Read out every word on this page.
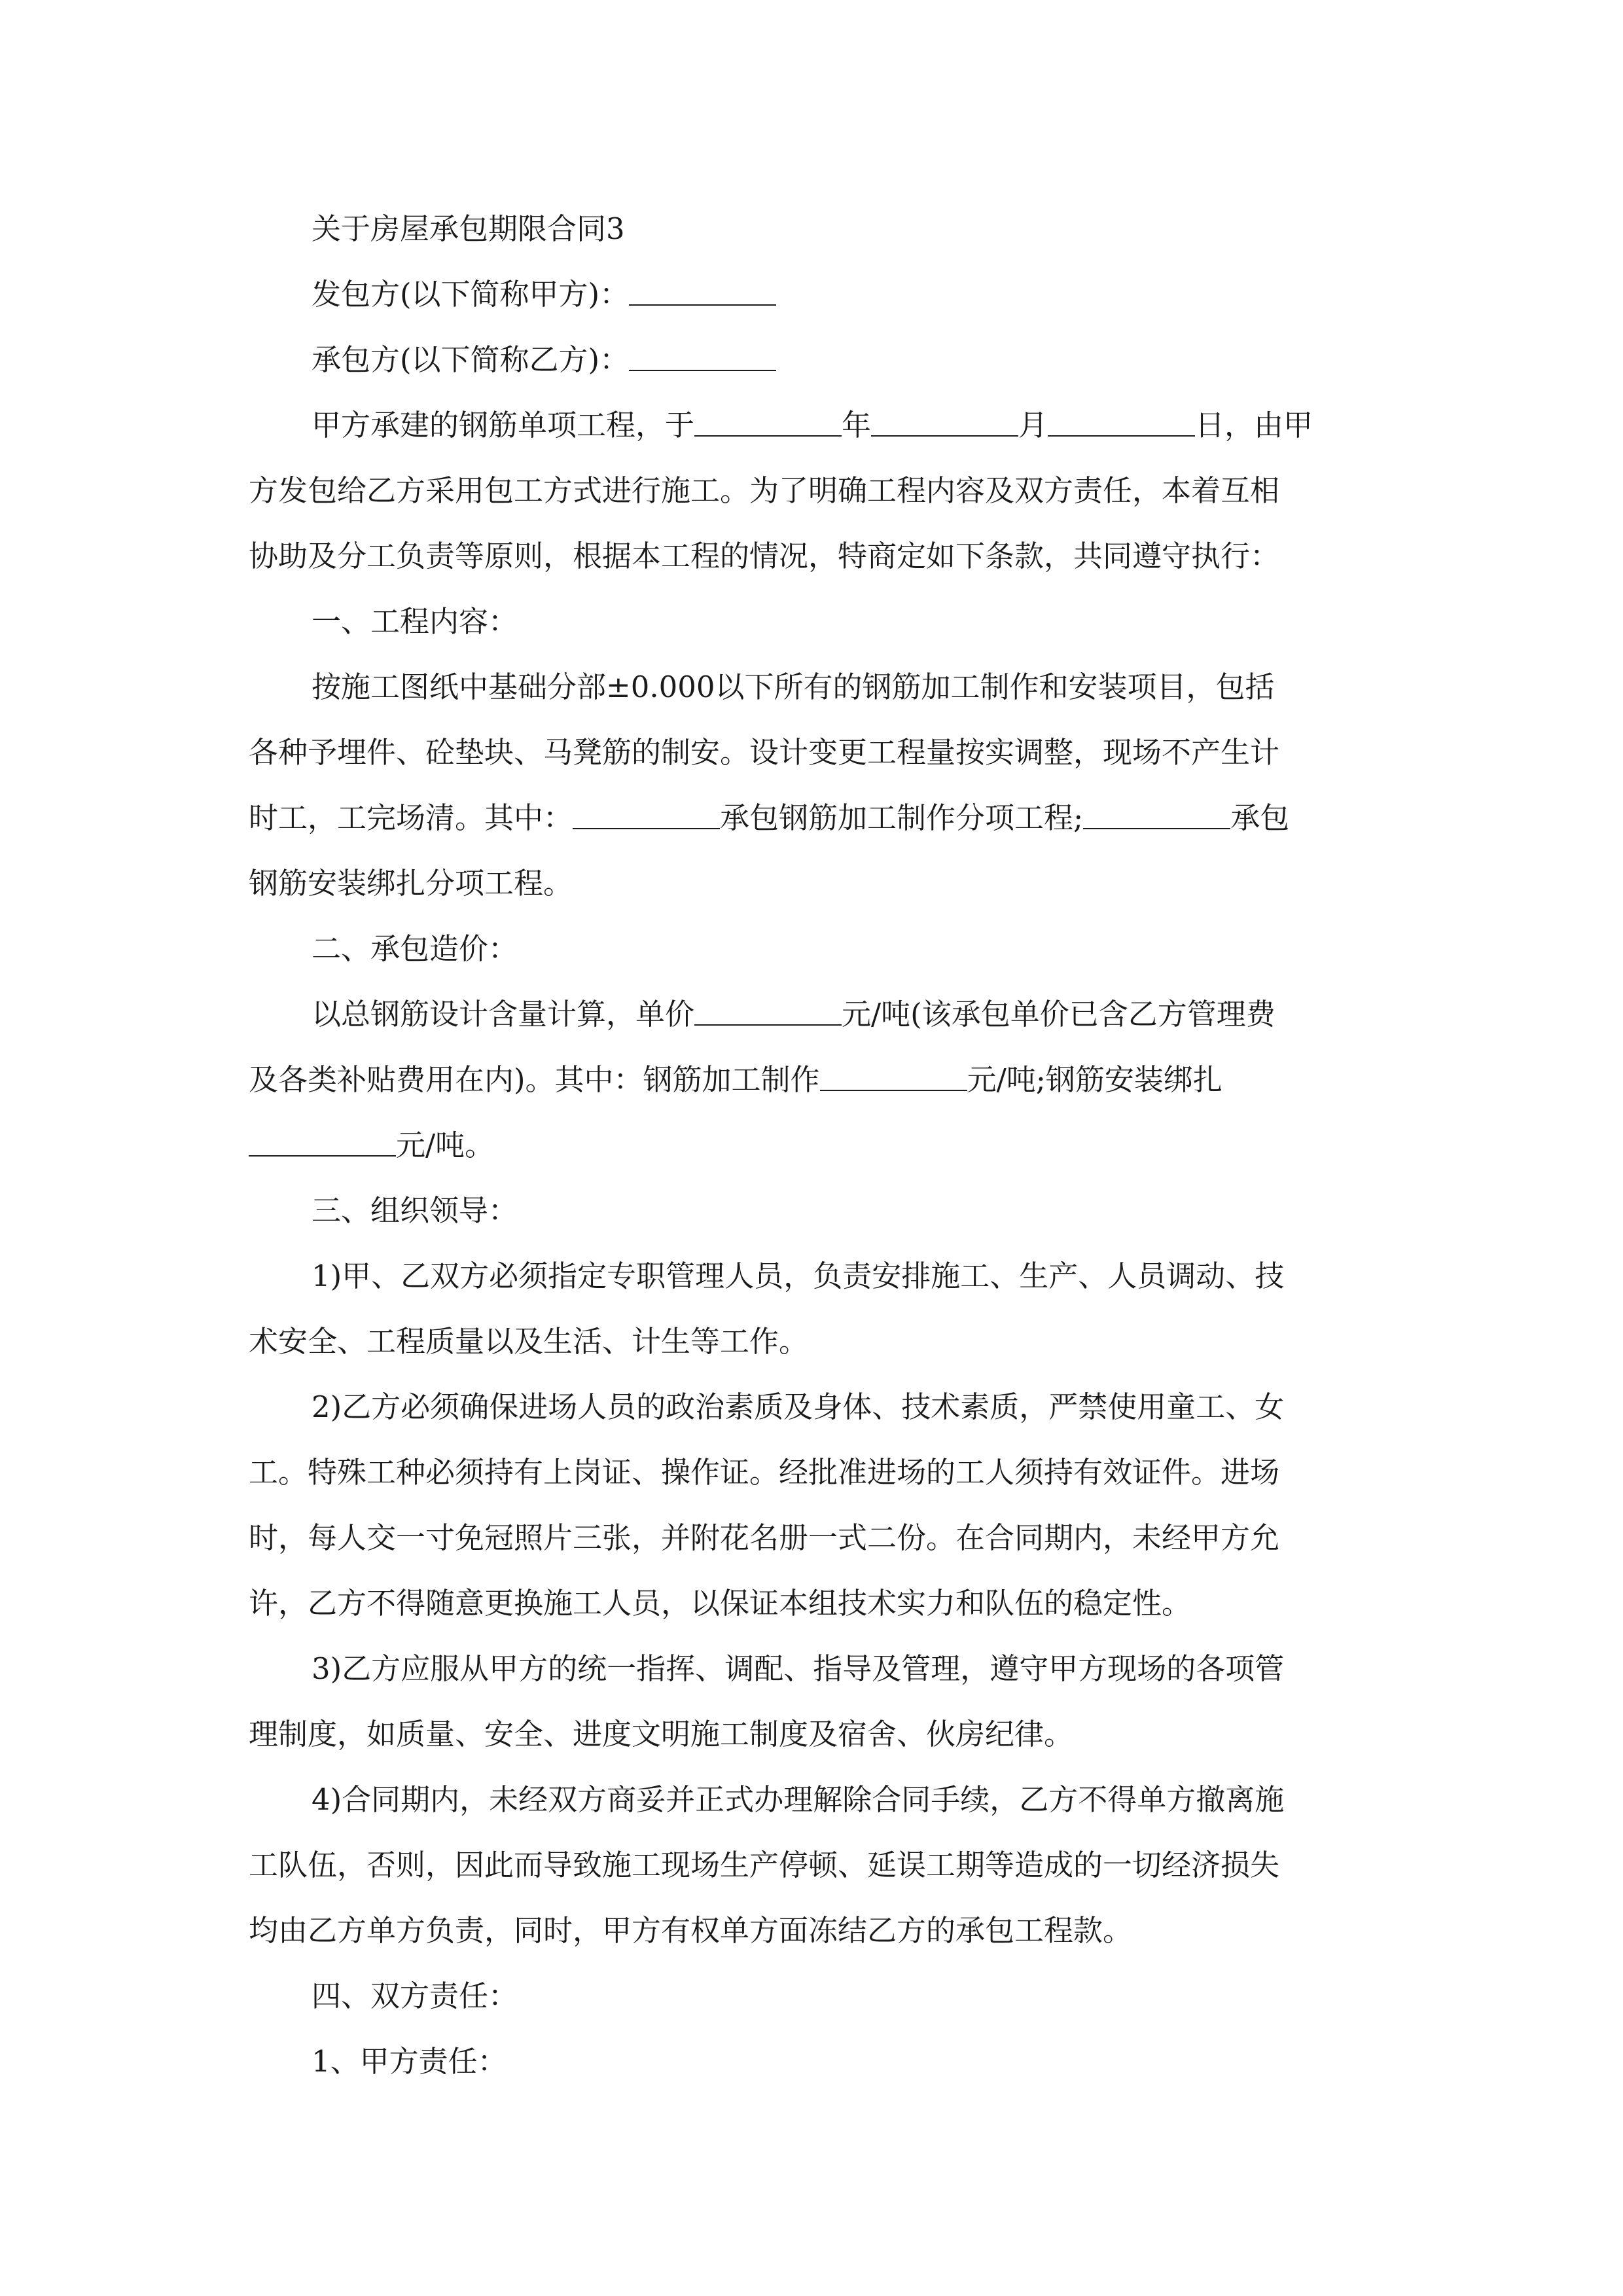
关于房屋承包期限合同3
发包方(以下简称甲方)：
承包方(以下简称乙方)：
甲方承建的钢筋单项工程，于	年	月	日，由甲
方发包给乙方采用包工方式进行施工。为了明确工程内容及双方责任，本着互相
协助及分工负责等原则，根据本工程的情况，特商定如下条款，共同遵守执行：
一、工程内容：
按施工图纸中基础分部±0.000以下所有的钢筋加工制作和安装项目，包括
各种予埋件、砼垫块、马凳筋的制安。设计变更工程量按实调整，现场不产生计
时工，工完场清。其中：	承包钢筋加工制作分项工程;	承包
钢筋安装绑扎分项工程。
二、承包造价：
以总钢筋设计含量计算，单价	元/吨(该承包单价已含乙方管理费
及各类补贴费用在内)。其中：钢筋加工制作	元/吨;钢筋安装绑扎
元/吨。
三、组织领导：
1)甲、乙双方必须指定专职管理人员，负责安排施工、生产、人员调动、技
术安全、工程质量以及生活、计生等工作。
2)乙方必须确保进场人员的政治素质及身体、技术素质，严禁使用童工、女
工。特殊工种必须持有上岗证、操作证。经批准进场的工人须持有效证件。进场
时，每人交一寸免冠照片三张，并附花名册一式二份。在合同期内，未经甲方允
许，乙方不得随意更换施工人员，以保证本组技术实力和队伍的稳定性。
3)乙方应服从甲方的统一指挥、调配、指导及管理，遵守甲方现场的各项管
理制度，如质量、安全、进度文明施工制度及宿舍、伙房纪律。
4)合同期内，未经双方商妥并正式办理解除合同手续，乙方不得单方撤离施
工队伍，否则，因此而导致施工现场生产停顿、延误工期等造成的一切经济损失
均由乙方单方负责，同时，甲方有权单方面冻结乙方的承包工程款。
四、双方责任：
1、甲方责任：
